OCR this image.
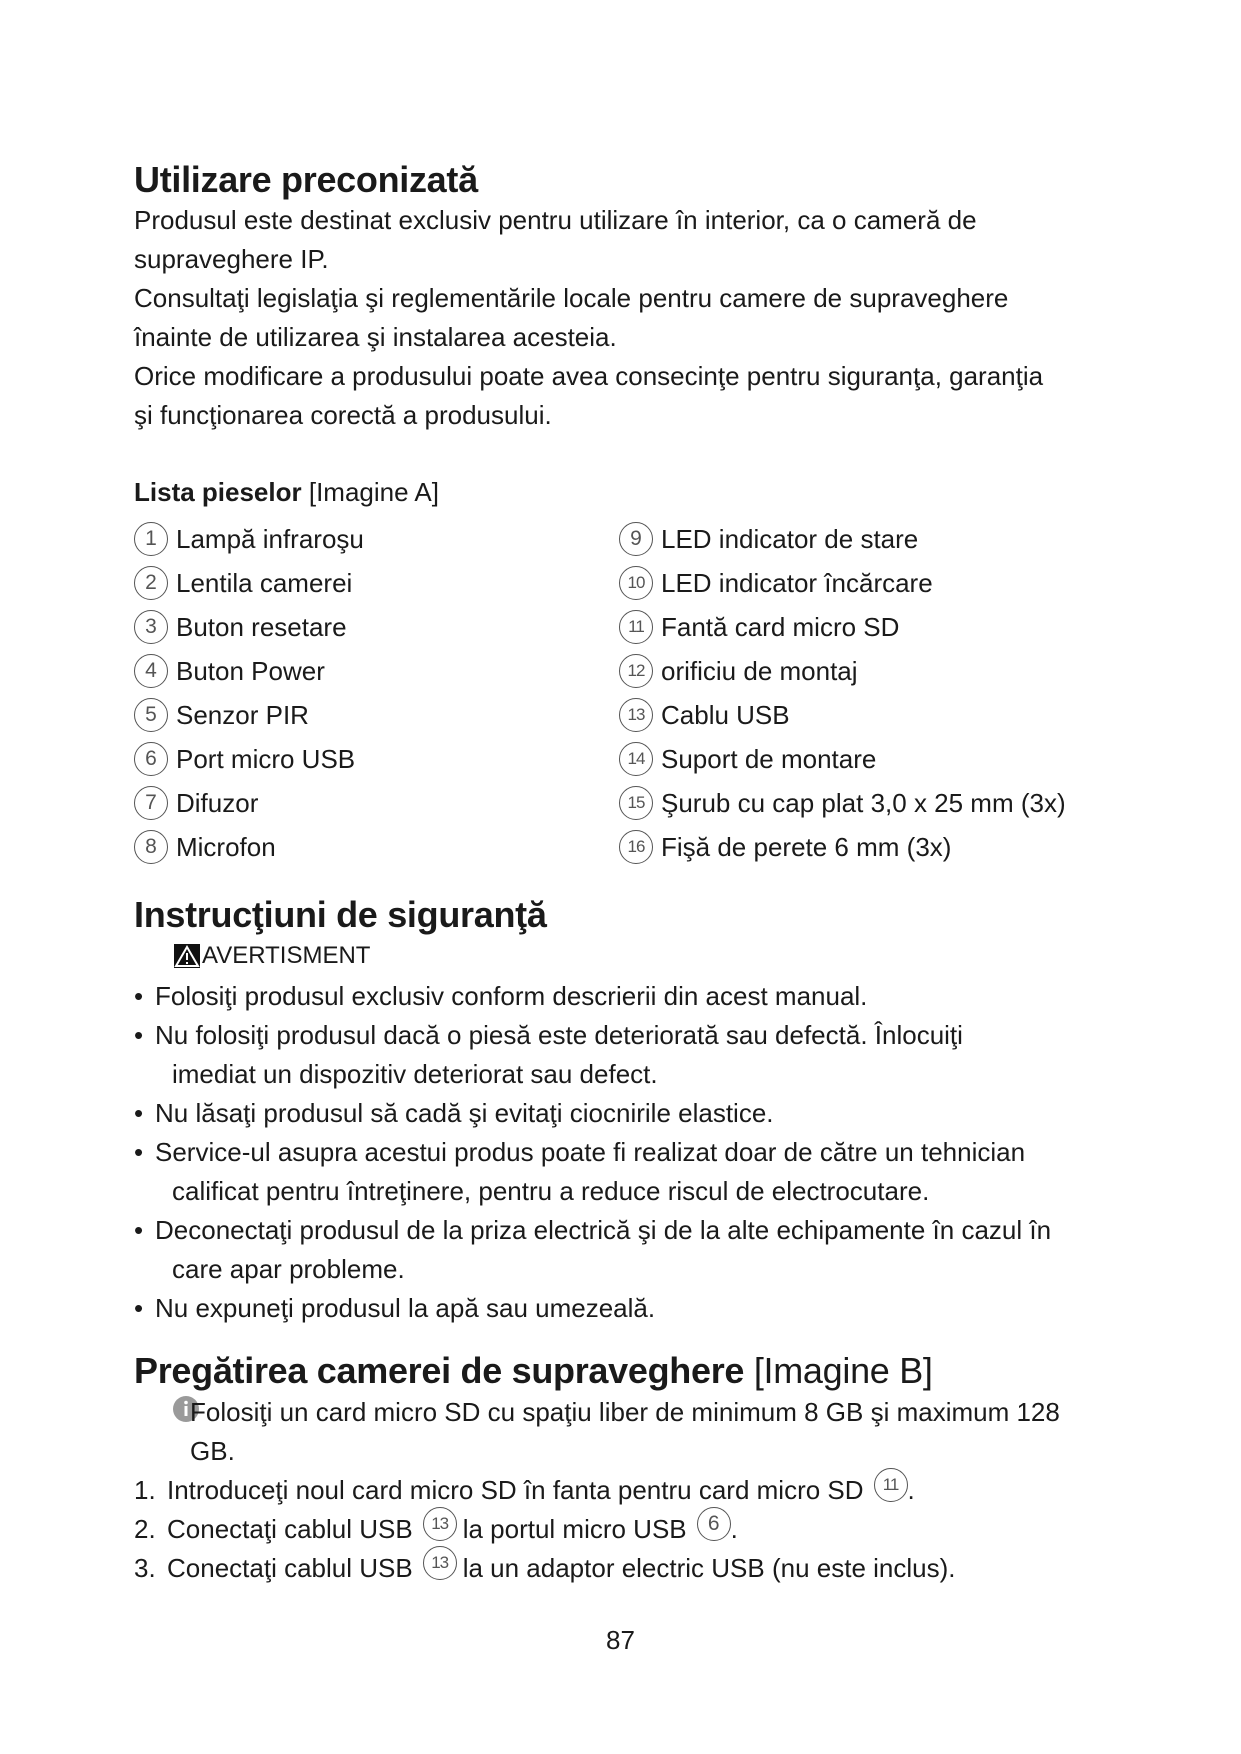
Utilizare preconizată

Produsul este destinat exclusiv pentru utilizare în interior, ca o cameră de

supraveghere IP.

Consultaţi legislaţia şi reglementările locale pentru camere de supraveghere

înainte de utilizarea şi instalarea acesteia.

Orice modificare a produsului poate avea consecinţe pentru siguranţa, garanţia

şi funcţionarea corectă a produsului.

Lista pieselor [Imagine A]
1 Lampă infraroşu
2 Lentila camerei
3 Buton resetare
4 Buton Power
5 Senzor PIR
6 Port micro USB
7 Difuzor
8 Microfon
9 LED indicator de stare
10 LED indicator încărcare
11 Fantă card micro SD
12 orificiu de montaj
13 Cablu USB
14 Suport de montare
15 Şurub cu cap plat 3,0 x 25 mm (3x)
16 Fişă de perete 6 mm (3x)
Instrucţiuni de siguranţă
AVERTISMENT
• Folosiţi produsul exclusiv conform descrierii din acest manual.
• Nu folosiţi produsul dacă o piesă este deteriorată sau defectă. Înlocuiţi
imediat un dispozitiv deteriorat sau defect.
• Nu lăsaţi produsul să cadă şi evitaţi ciocnirile elastice.
• Service-ul asupra acestui produs poate fi realizat doar de către un tehnician
calificat pentru întreţinere, pentru a reduce riscul de electrocutare.
• Deconectaţi produsul de la priza electrică şi de la alte echipamente în cazul în
care apar probleme.
• Nu expuneţi produsul la apă sau umezeală.
Pregătirea camerei de supraveghere [Imagine B]
Folosiţi un card micro SD cu spaţiu liber de minimum 8 GB şi maximum 128
GB.
1. Introduceţi noul card micro SD în fanta pentru card micro SD	11 .
2. Conectaţi cablul USB	13 la portul micro USB	6 .
3. Conectaţi cablul USB	13 la un adaptor electric USB (nu este inclus).
87
